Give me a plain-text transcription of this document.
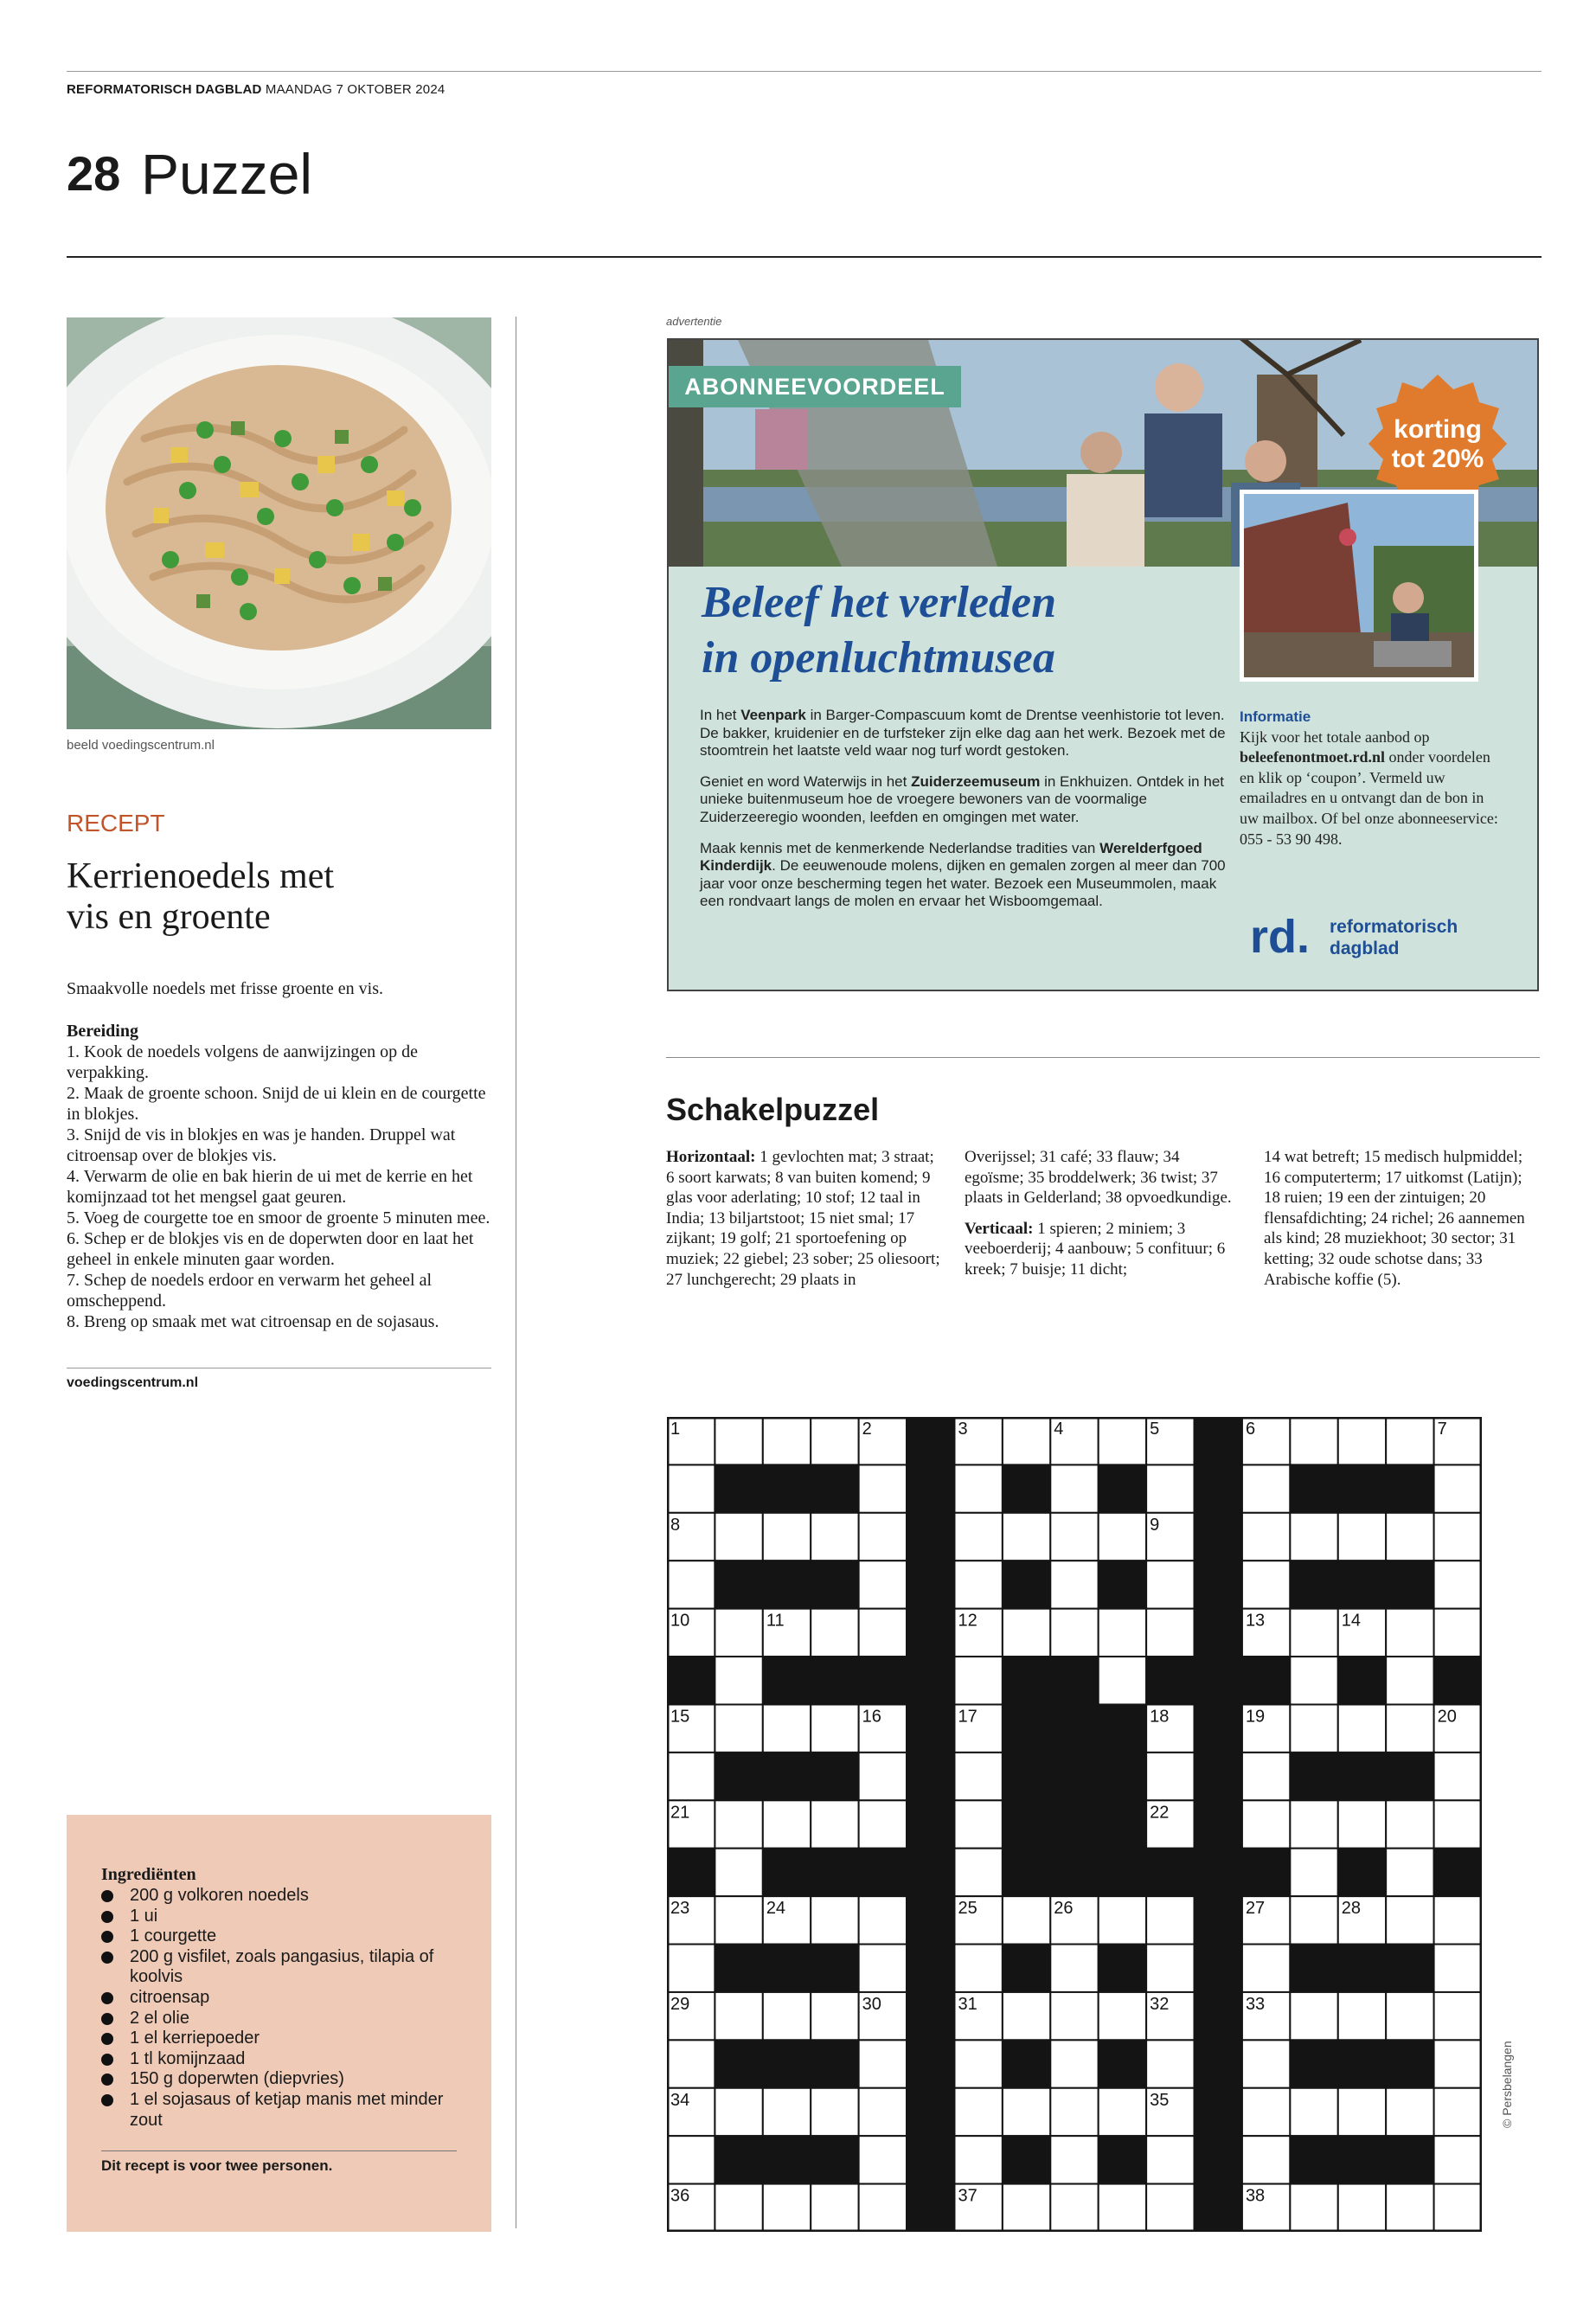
REFORMATORISCH DAGBLAD MAANDAG 7 OKTOBER 2024
28 Puzzel
beeld voedingscentrum.nl
RECEPT
Kerrienoedels met
vis en groente
Smaakvolle noedels met frisse groente en vis.
Bereiding
1. Kook de noedels volgens de aanwijzingen op de verpakking.
2. Maak de groente schoon. Snijd de ui klein en de courgette in blokjes.
3. Snijd de vis in blokjes en was je handen. Druppel wat citroensap over de blokjes vis.
4. Verwarm de olie en bak hierin de ui met de kerrie en het komijnzaad tot het mengsel gaat geuren.
5. Voeg de courgette toe en smoor de groente 5 minuten mee.
6. Schep er de blokjes vis en de doperwten door en laat het geheel in enkele minuten gaar worden.
7. Schep de noedels erdoor en verwarm het geheel al omscheppend.
8. Breng op smaak met wat citroensap en de sojasaus.
voedingscentrum.nl
Ingrediënten
200 g volkoren noedels
1 ui
1 courgette
200 g visfilet, zoals pangasius, tilapia of koolvis
citroensap
2 el olie
1 el kerriepoeder
1 tl komijnzaad
150 g doperwten (diepvries)
1 el sojasaus of ketjap manis met minder zout
Dit recept is voor twee personen.
advertentie
ABONNEEVOORDEEL
korting
tot 20%
Beleef het verleden
in openluchtmusea

In het Veenpark in Barger-Compascuum komt de Drentse veenhistorie tot leven. De bakker, kruidenier en de turfsteker zijn elke dag aan het werk. Bezoek met de stoomtrein het laatste veld waar nog turf wordt gestoken.

Geniet en word Waterwijs in het Zuiderzeemuseum in Enkhuizen. Ontdek in het unieke buitenmuseum hoe de vroegere bewoners van de voormalige Zuiderzeeregio woonden, leefden en omgingen met water.

Maak kennis met de kenmerkende Nederlandse tradities van Werelderfgoed Kinderdijk. De eeuwenoude molens, dijken en gemalen zorgen al meer dan 700 jaar voor onze bescherming tegen het water. Bezoek een Museummolen, maak een rondvaart langs de molen en ervaar het Wisboomgemaal.

Informatie
Kijk voor het totale aanbod op beleefenontmoet.rd.nl onder voordelen en klik op ‘coupon’. Vermeld uw emailadres en u ontvangt dan de bon in uw mailbox. Of bel onze abonneeservice: 055 - 53 90 498.
rd. reformatorisch
dagblad
Schakelpuzzel
Horizontaal: 1 gevlochten mat; 3 straat; 6 soort karwats; 8 van buiten komend; 9 glas voor aderlating; 10 stof; 12 taal in India; 13 biljartstoot; 15 niet smal; 17 zijkant; 19 golf; 21 sportoefening op muziek; 22 giebel; 23 sober; 25 oliesoort; 27 lunchgerecht; 29 plaats in
Overijssel; 31 café; 33 flauw; 34 egoïsme; 35 broddelwerk; 36 twist; 37 plaats in Gelderland; 38 opvoedkundige.
Verticaal: 1 spieren; 2 miniem; 3 veeboerderij; 4 aanbouw; 5 confituur; 6 kreek; 7 buisje; 11 dicht;
14 wat betreft; 15 medisch hulpmiddel; 16 computerterm; 17 uitkomst (Latijn); 18 ruien; 19 een der zintuigen; 20 flensafdichting; 24 richel; 26 aannemen als kind; 28 muziekhoot; 30 sector; 31 ketting; 32 oude schotse dans; 33 Arabische koffie (5).
1	2	3	4	5	6	7
8	9
10	11	12	13	14
15	16	17	18	19	20
21	22
23	24	25	26	27	28
29	30	31	32	33
34	35
36	37	38
© Persbelangen
